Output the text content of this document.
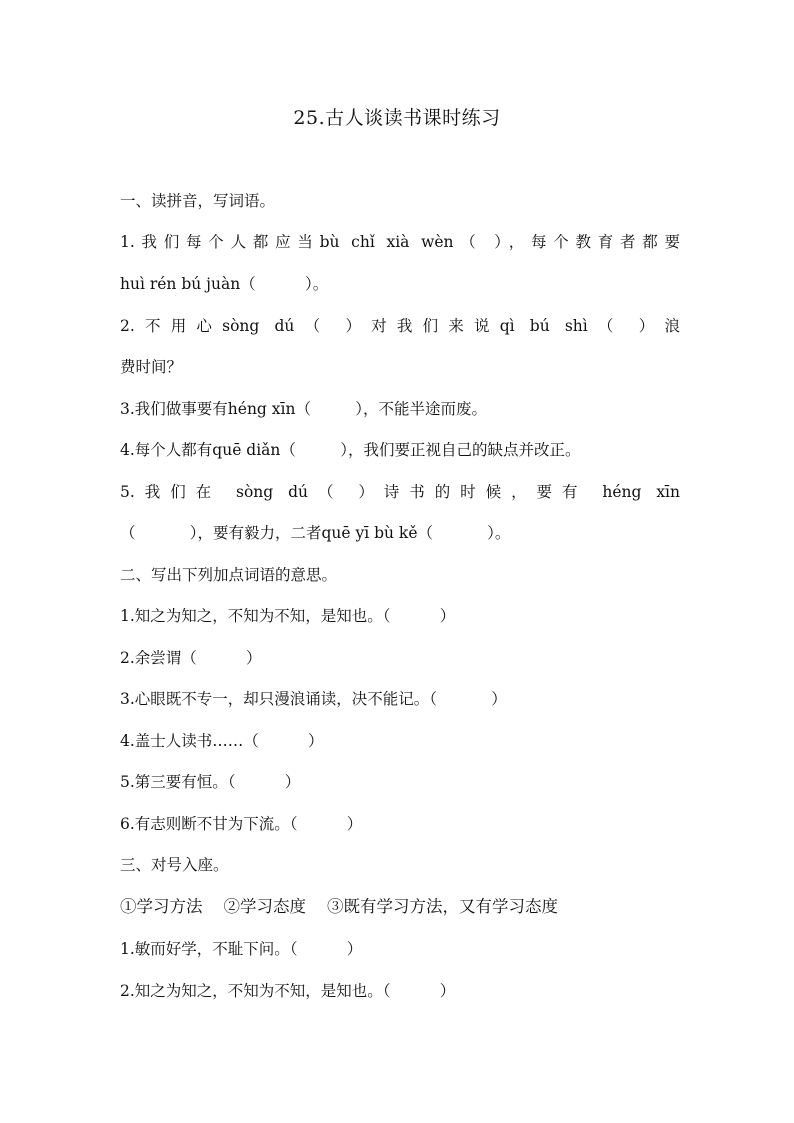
25.古人谈读书课时练习
一、读拼音，写词语。
1.我们每个人都应当bù chǐ xià wèn（ ），每个教育者都要
huì rén bú juàn（          ）。
2.不用心sòng dú（ ）对我们来说qì bú shì（ ）浪
费时间？
3.我们做事要有héng xīn（         ），不能半途而废。
4.每个人都有quē diǎn（         ），我们要正视自己的缺点并改正。
5.我们在 sòng dú（ ）诗书的时候，要有 héng xīn
（           ），要有毅力，二者quē yī bù kě（           ）。
二、写出下列加点词语的意思。
1.知之为知之，不知为不知，是知也。（          ）
2.余尝谓（          ）
3.心眼既不专一，却只漫浪诵读，决不能记。（           ）
4.盖士人读书……（          ）
5.第三要有恒。（          ）
6.有志则断不甘为下流。（          ）
三、对号入座。
①学习方法    ②学习态度    ③既有学习方法，又有学习态度
1.敏而好学，不耻下问。（          ）
2.知之为知之，不知为不知，是知也。（          ）
